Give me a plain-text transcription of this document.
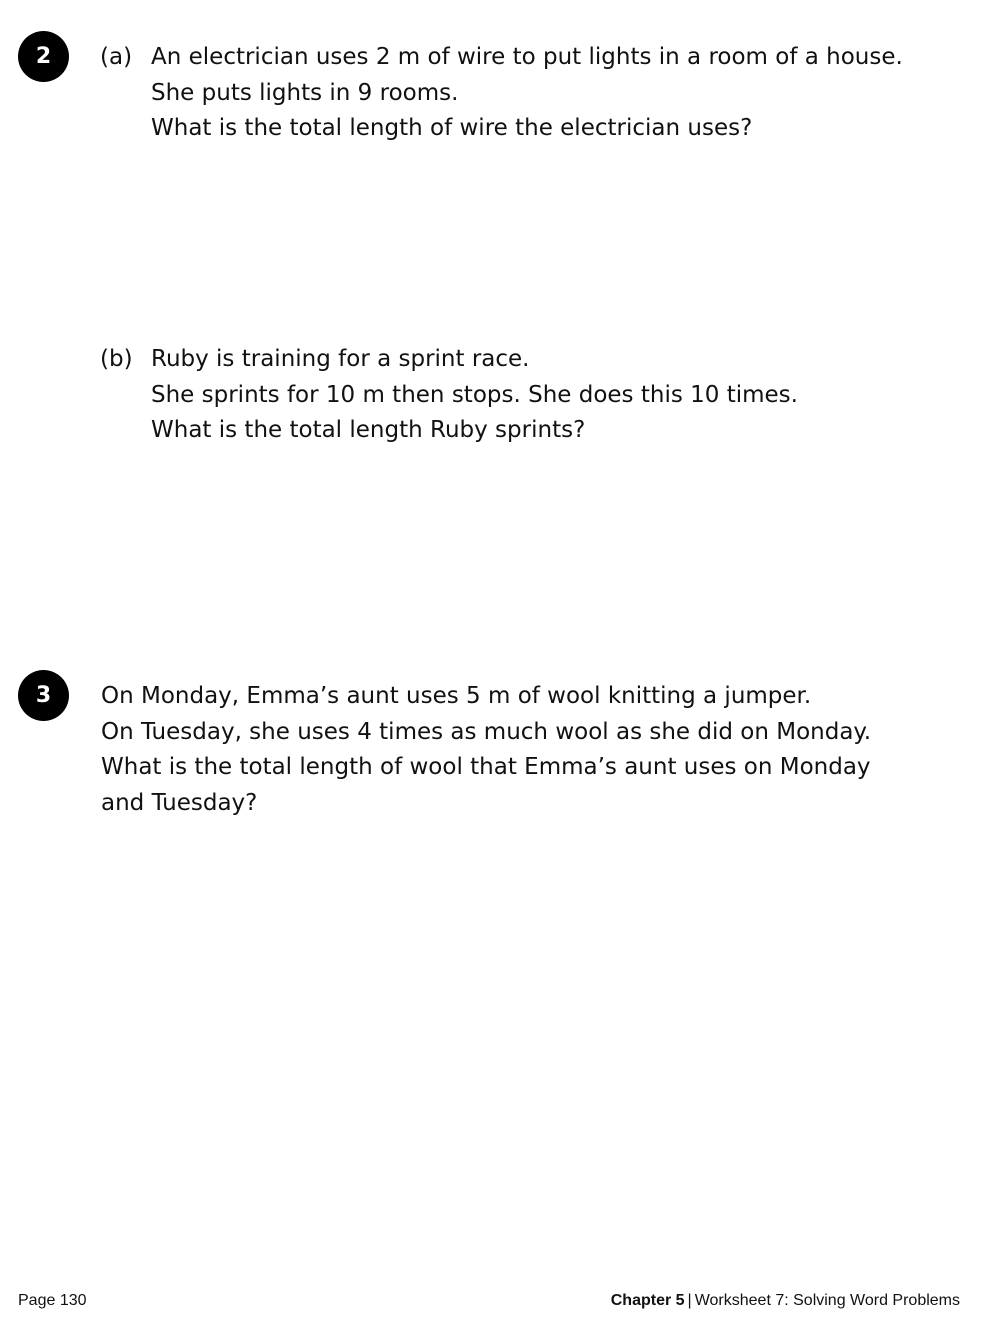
2	(a) An electrician uses 2 m of wire to put lights in a room of a house.
She puts lights in 9 rooms.
What is the total length of wire the electrician uses?
(b) Ruby is training for a sprint race.
She sprints for 10 m then stops. She does this 10 times.
What is the total length Ruby sprints?
3	On Monday, Emma’s aunt uses 5 m of wool knitting a jumper.
On Tuesday, she uses 4 times as much wool as she did on Monday.
What is the total length of wool that Emma’s aunt uses on Monday
and Tuesday?
Page 130	Chapter 5 | Worksheet 7: Solving Word Problems
